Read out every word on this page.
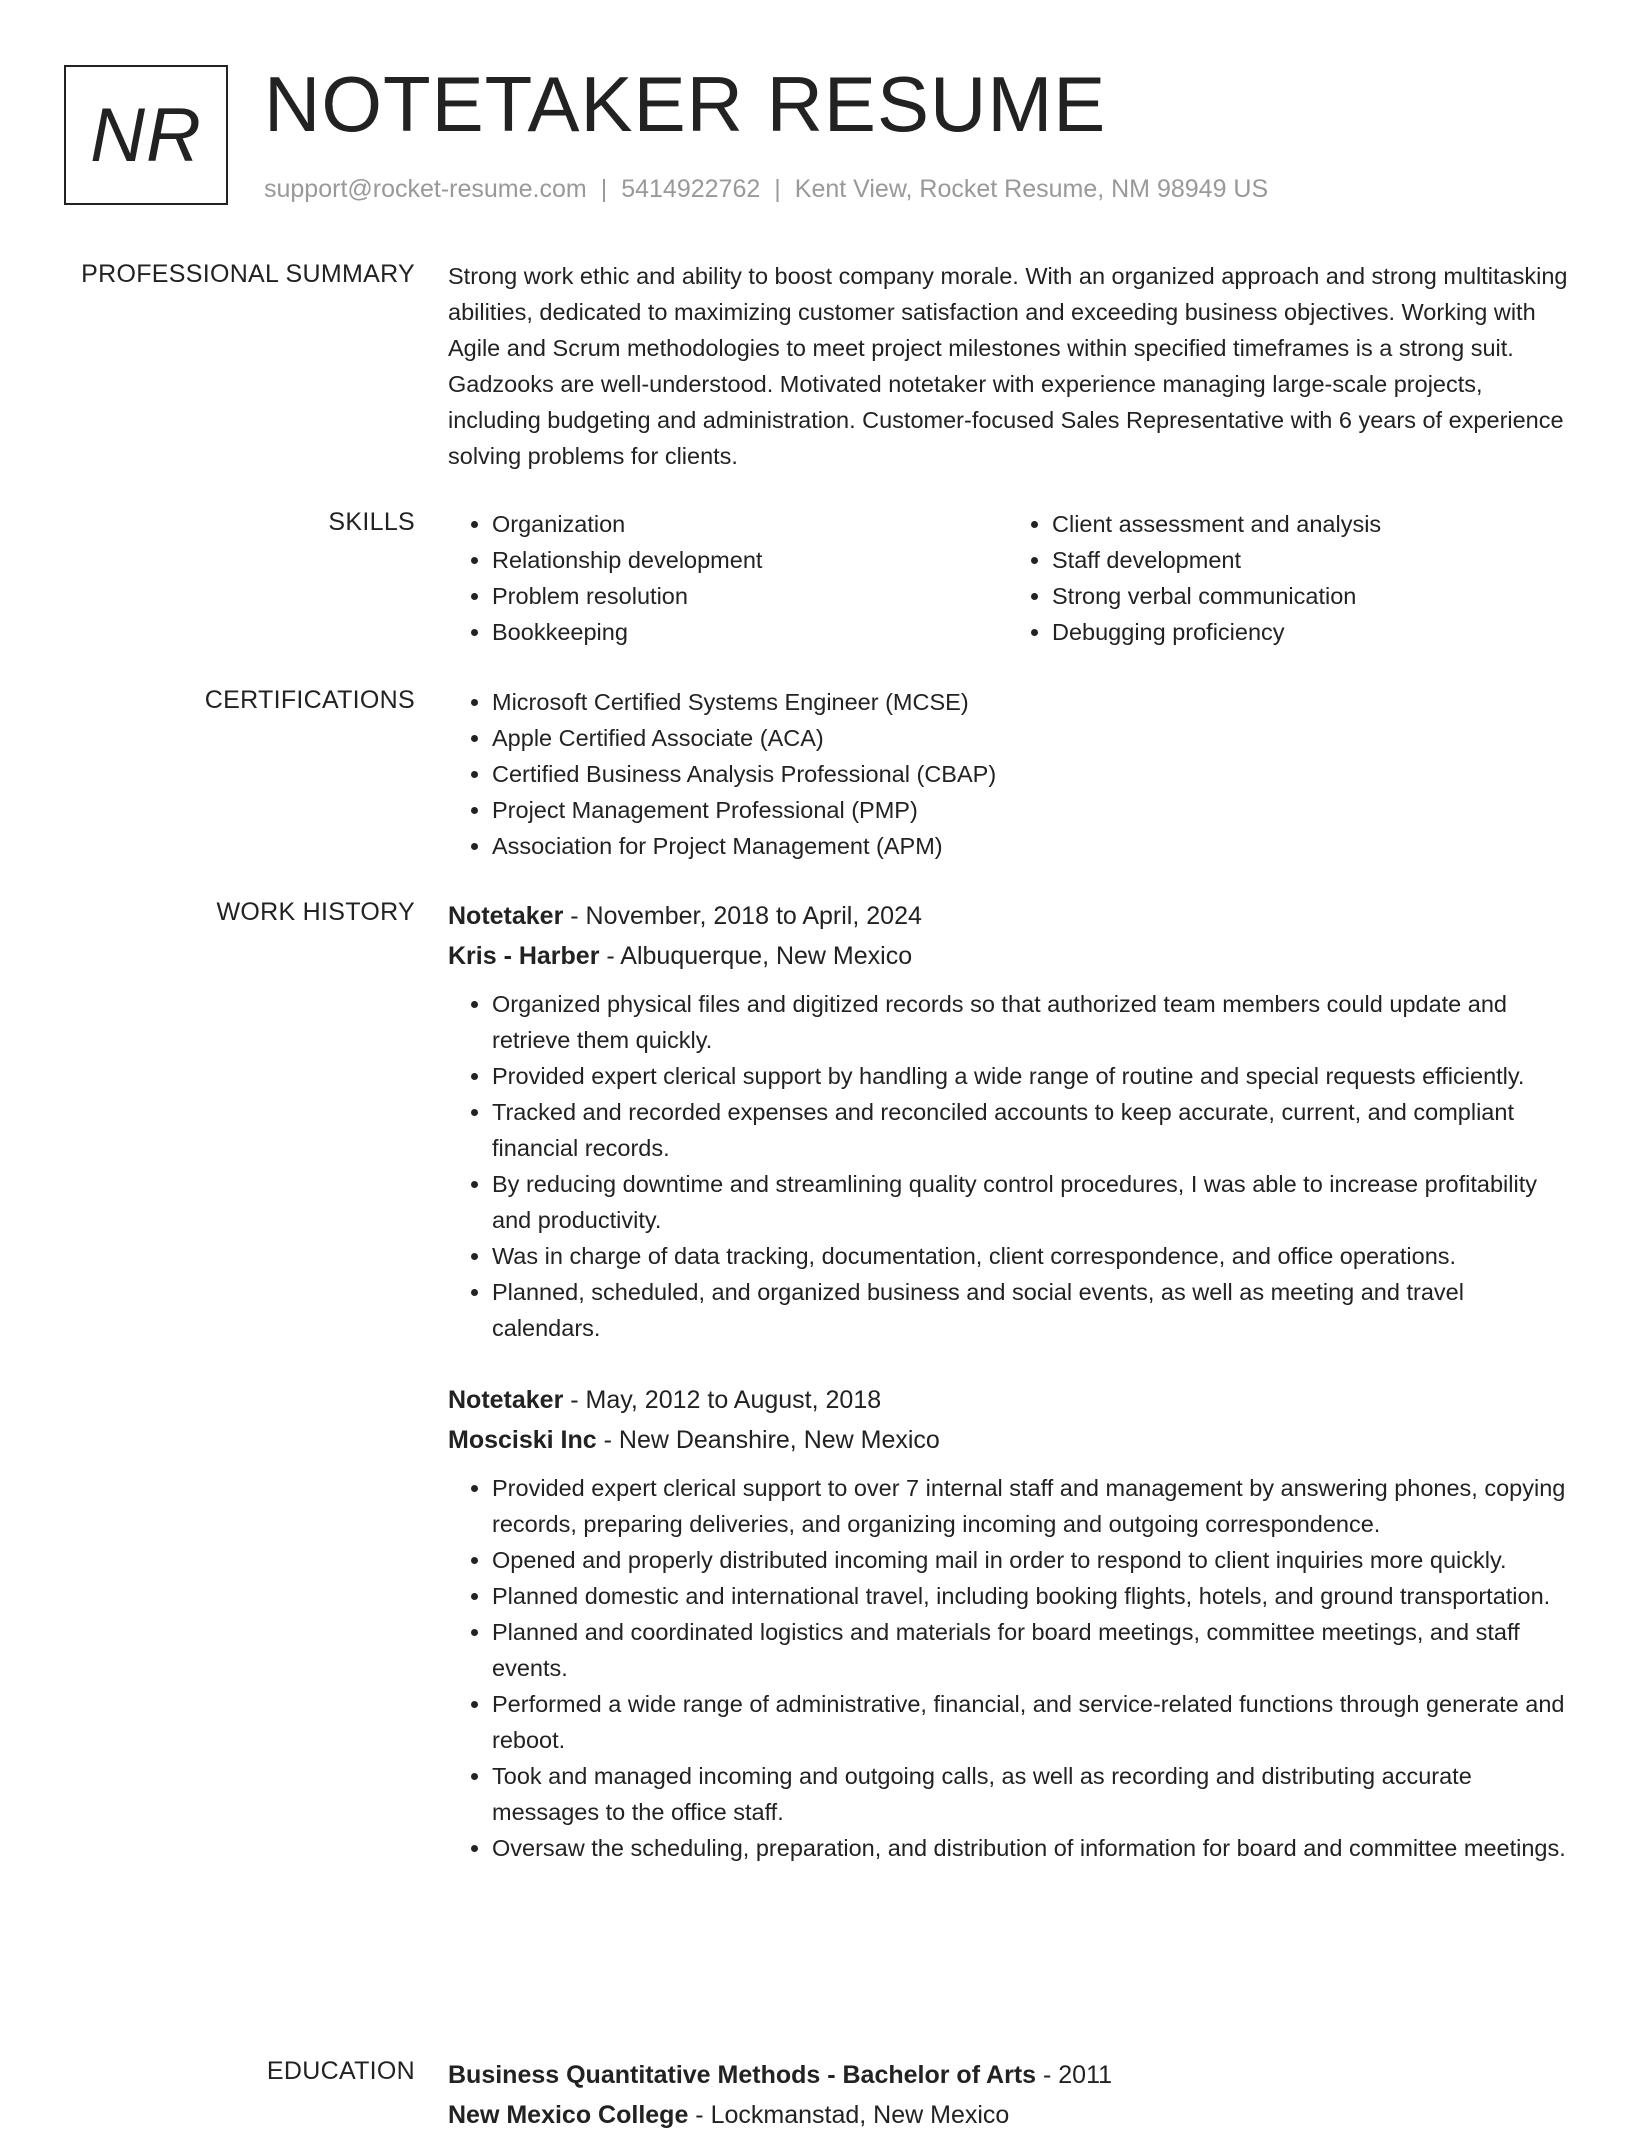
NR NOTETAKER RESUME
support@rocket-resume.com | 5414922762 | Kent View, Rocket Resume, NM 98949 US
PROFESSIONAL SUMMARY Strong work ethic and ability to boost company morale. With an organized approach and strong multitasking abilities, dedicated to maximizing customer satisfaction and exceeding business objectives. Working with Agile and Scrum methodologies to meet project milestones within specified timeframes is a strong suit. Gadzooks are well-understood. Motivated notetaker with experience managing large-scale projects, including budgeting and administration. Customer-focused Sales Representative with 6 years of experience solving problems for clients.

SKILLS	• Organization
• Relationship development
• Problem resolution
• Bookkeeping
• Client assessment and analysis
• Staff development
• Strong verbal communication
• Debugging proficiency
CERTIFICATIONS	• Microsoft Certified Systems Engineer (MCSE)
• Apple Certified Associate (ACA)
• Certified Business Analysis Professional (CBAP)
• Project Management Professional (PMP)
• Association for Project Management (APM)
WORK HISTORY Notetaker - November, 2018 to April, 2024
Kris - Harber - Albuquerque, New Mexico
• Organized physical files and digitized records so that authorized team members could update and retrieve them quickly.
• Provided expert clerical support by handling a wide range of routine and special requests efficiently.
• Tracked and recorded expenses and reconciled accounts to keep accurate, current, and compliant financial records.
• By reducing downtime and streamlining quality control procedures, I was able to increase profitability and productivity.
• Was in charge of data tracking, documentation, client correspondence, and office operations.
• Planned, scheduled, and organized business and social events, as well as meeting and travel calendars.
Notetaker - May, 2012 to August, 2018
Mosciski Inc - New Deanshire, New Mexico
• Provided expert clerical support to over 7 internal staff and management by answering phones, copying records, preparing deliveries, and organizing incoming and outgoing correspondence.
• Opened and properly distributed incoming mail in order to respond to client inquiries more quickly.
• Planned domestic and international travel, including booking flights, hotels, and ground transportation.
• Planned and coordinated logistics and materials for board meetings, committee meetings, and staff events.
• Performed a wide range of administrative, financial, and service-related functions through generate and reboot.
• Took and managed incoming and outgoing calls, as well as recording and distributing accurate messages to the office staff.
• Oversaw the scheduling, preparation, and distribution of information for board and committee meetings.
EDUCATION Business Quantitative Methods - Bachelor of Arts - 2011
New Mexico College - Lockmanstad, New Mexico
